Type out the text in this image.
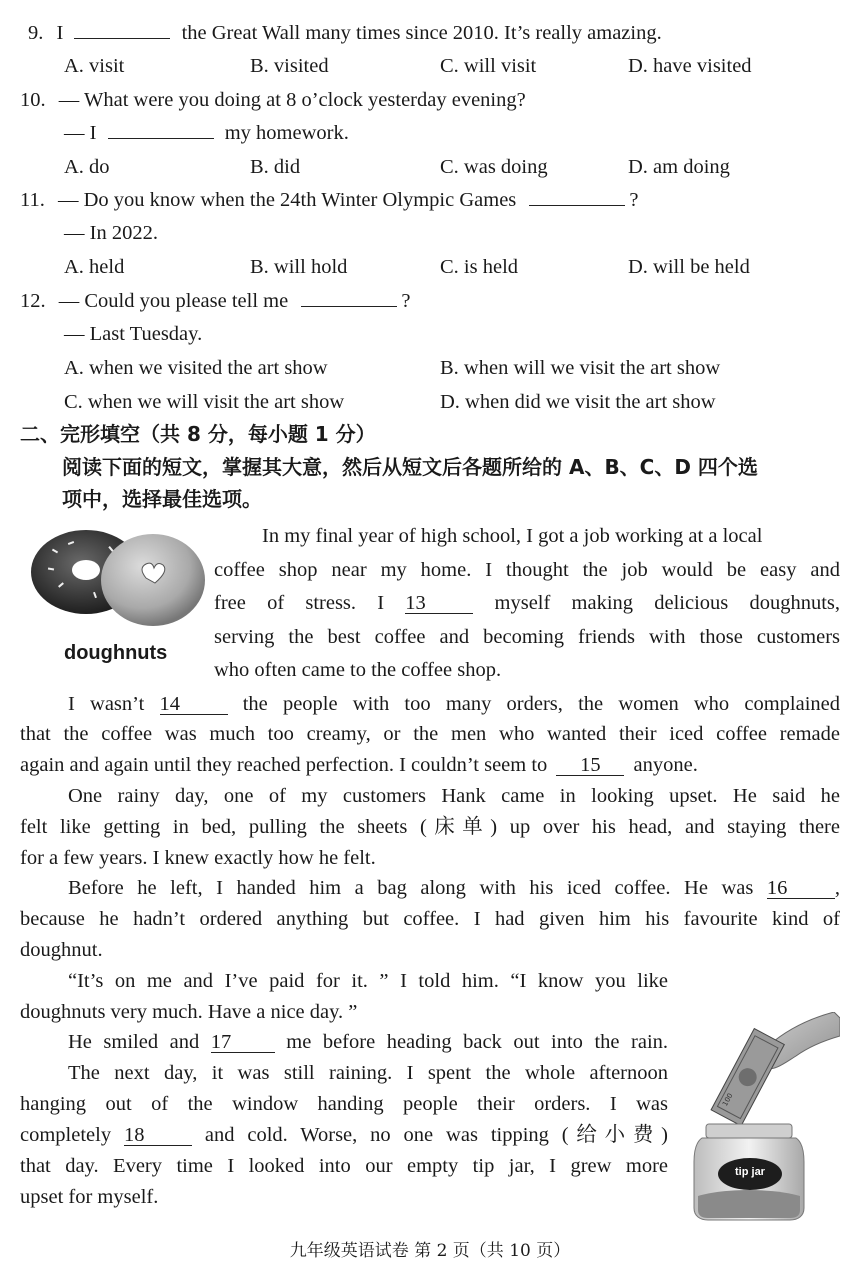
9. I	the Great Wall many times since 2010. It’s really amazing.
A. visit	B. visited	C. will visit	D. have visited
10. — What were you doing at 8 o’clock yesterday evening?
— I	my homework.
A. do	B. did	C. was doing	D. am doing
11. — Do you know when the 24th Winter Olympic Games	?
— In 2022.
A. held	B. will hold	C. is held	D. will be held
12. — Could you please tell me	?
— Last Tuesday.
A. when we visited the art show	B. when will we visit the art show
C. when we will visit the art show	D. when did we visit the art show
二、完形填空（共 8 分，每小题 1 分）
阅读下面的短文，掌握其大意，然后从短文后各题所给的 A、B、C、D 四个选
项中，选择最佳选项。
doughnuts
In my final year of high school, I got a job working at a local
coffee shop near my home. I thought the job would be easy and
free of stress. I 13	myself making delicious doughnuts,
serving the best coffee and becoming friends with those customers
who often came to the coffee shop.
I wasn’t 14	the people with too many orders, the women who complained
that the coffee was much too creamy, or the men who wanted their iced coffee remade
again and again until they reached perfection. I couldn’t seem to 15 anyone.
One rainy day, one of my customers Hank came in looking upset. He said he
felt like getting in bed, pulling the sheets (床单) up over his head, and staying there
for a few years. I knew exactly how he felt.
Before he left, I handed him a bag along with his iced coffee. He was 16 ,
because he hadn’t ordered anything but coffee. I had given him his favourite kind of
doughnut.
“It’s on me and I’ve paid for it. ” I told him. “I know you like
doughnuts very much. Have a nice day. ”
He smiled and 17	me before heading back out into the rain.
The next day, it was still raining. I spent the whole afternoon
hanging out of the window handing people their orders. I was
completely 18	and cold. Worse, no one was tipping (给小费)
that day. Every time I looked into our empty tip jar, I grew more
upset for myself.
100
tip jar
九年级英语试卷 第 2 页（共 10 页）
